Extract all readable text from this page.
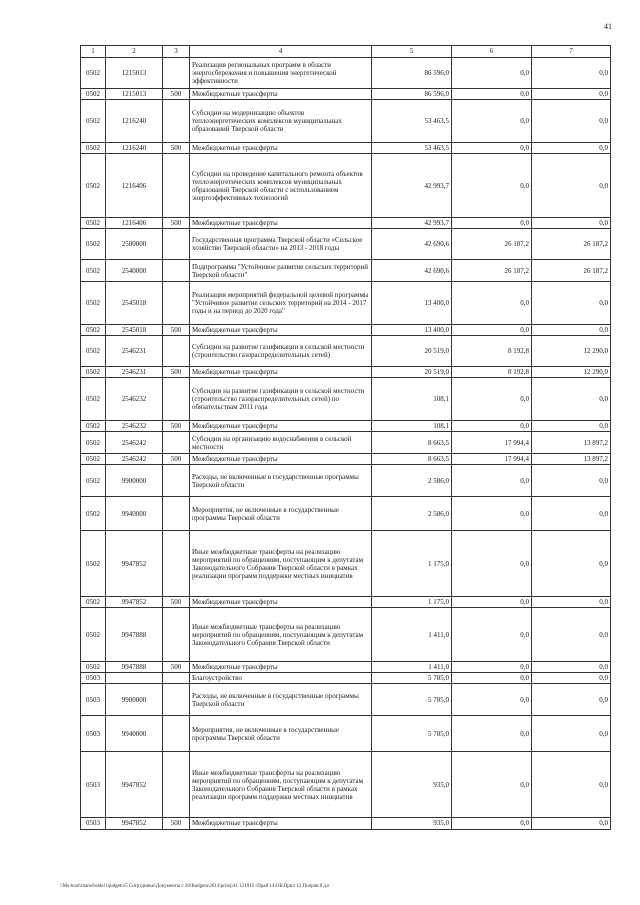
41
1	2	3	4	5	6	7
0502	1215013		Реализация региональных программ в области энергосбережения и повышения энергетической эффективности	86 596,0	0,0	0,0
0502	1215013	500	Межбюджетные трансферты	86 596,0	0,0	0,0
0502	1216240		Субсидии на модернизацию объектов теплоэнергетических комплексов муниципальных образований Тверской области	53 463,5	0,0	0,0
0502	1216240	500	Межбюджетные трансферты	53 463,5	0,0	0,0
0502	1216406		Субсидии на проведение капитального ремонта объектов теплоэнергетических комплексов муниципальных образований Тверской области с использованием энергоэффективных технологий	42 993,7	0,0	0,0
0502	1216406	500	Межбюджетные трансферты	42 993,7	0,0	0,0
0502	2500000		Государственная программа Тверской области «Сельское хозяйство Тверской области» на 2013 - 2018 годы	42 690,6	26 187,2	26 187,2
0502	2540000		Подпрограмма "Устойчивое развитие сельских территорий Тверской области"	42 690,6	26 187,2	26 187,2
0502	2545018		Реализация мероприятий федеральной целевой программы "Устойчивое развитие сельских территорий на 2014 - 2017 годы и на период до 2020 года"	13 400,0	0,0	0,0
0502	2545018	500	Межбюджетные трансферты	13 400,0	0,0	0,0
0502	2546231		Субсидии на развитие газификации в сельской местности (строительство газораспределительных сетей)	20 519,0	8 192,8	12 290,0
0502	2546231	500	Межбюджетные трансферты	20 519,0	8 192,8	12 290,0
0502	2546232		Субсидии на развитие газификации в сельской местности (строительство газораспределительных сетей) по обязательствам 2011 года	108,1	0,0	0,0
0502	2546232	500	Межбюджетные трансферты	108,1	0,0	0,0
0502	2546242		Субсидии на организацию водоснабжения в сельской местности	8 663,5	17 994,4	13 897,2
0502	2546242	500	Межбюджетные трансферты	8 663,5	17 994,4	13 897,2
0502	9900000		Расходы, не включенные в государственные программы Тверской области	2 586,0	0,0	0,0
0502	9940000		Мероприятия, не включенные в государственные программы Тверской области	2 586,0	0,0	0,0
0502	9947852		Иные межбюджетные трансферты на реализацию мероприятий по обращениям, поступающим к депутатам Законодательного Собрания Тверской области в рамках реализации программ поддержки местных инициатив	1 175,0	0,0	0,0
0502	9947852	500	Межбюджетные трансферты	1 175,0	0,0	0,0
0502	9947888		Иные межбюджетные трансферты на реализацию мероприятий по обращениям, поступающим к депутатам Законодательного Собрания Тверской области	1 411,0	0,0	0,0
0502	9947888	500	Межбюджетные трансферты	1 411,0	0,0	0,0
0503			Благоустройство	5 785,0	0,0	0,0
0503	9900000		Расходы, не включенные в государственные программы Тверской области	5 785,0	0,0	0,0
0503	9940000		Мероприятия, не включенные в государственные программы Тверской области	5 785,0	0,0	0,0
0503	9947852		Иные межбюджетные трансферты на реализацию мероприятий по обращениям, поступающим к депутатам Законодательного Собрания Тверской области в рамках реализации программ поддержки местных инициатив	935,0	0,0	0,0
0503	9947852	500	Межбюджетные трансферты	935,0	0,0	0,0
\\Ms-host\shared\otdel bjudgetu\5 Сотрудники\Документы с 20\Budgeta\2014\priloj\41 121915-\Праб 14\ОБ\Прил 12 Поправ б.д.е
